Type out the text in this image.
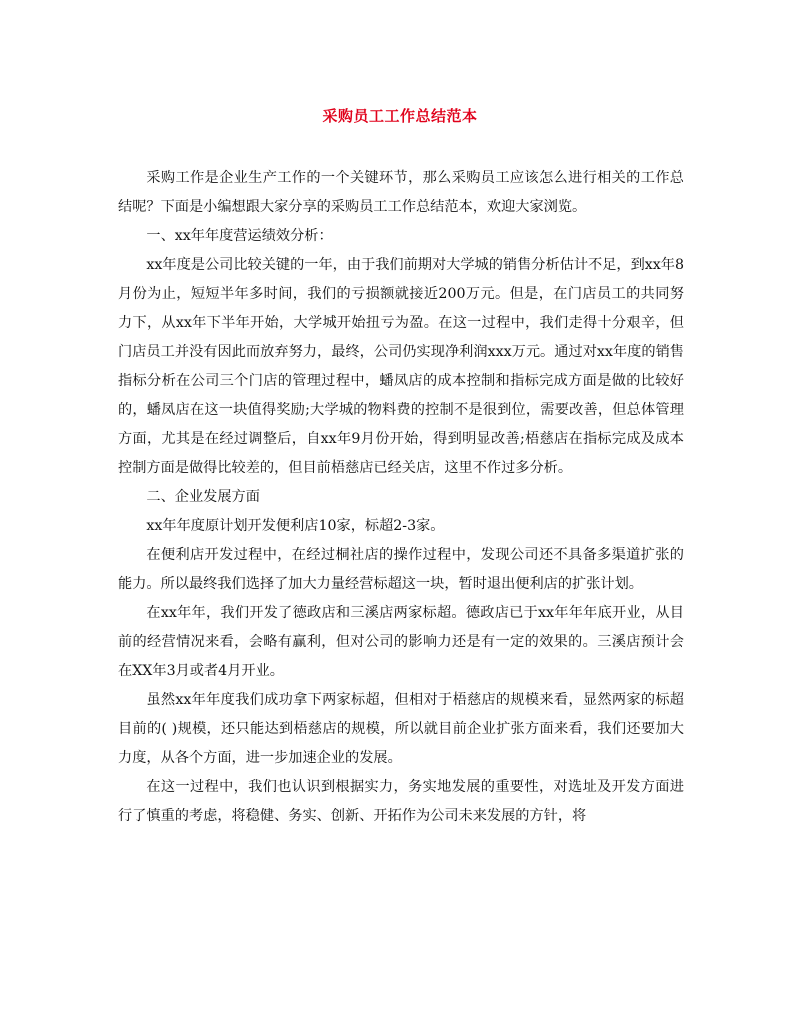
采购员工工作总结范本

采购工作是企业生产工作的一个关键环节，那么采购员工应该怎么进行相关的工作总结呢？下面是小编想跟大家分享的采购员工工作总结范本，欢迎大家浏览。

一、xx年年度营运绩效分析：

xx年度是公司比较关键的一年，由于我们前期对大学城的销售分析估计不足，到xx年8月份为止，短短半年多时间，我们的亏损额就接近200万元。但是，在门店员工的共同努力下，从xx年下半年开始，大学城开始扭亏为盈。在这一过程中，我们走得十分艰辛，但门店员工并没有因此而放弃努力，最终，公司仍实现净利润xxx万元。通过对xx年度的销售指标分析在公司三个门店的管理过程中，蟠凤店的成本控制和指标完成方面是做的比较好的，蟠凤店在这一块值得奖励;大学城的物料费的控制不是很到位，需要改善，但总体管理方面，尤其是在经过调整后，自xx年9月份开始，得到明显改善;梧慈店在指标完成及成本控制方面是做得比较差的，但目前梧慈店已经关店，这里不作过多分析。

二、企业发展方面

xx年年度原计划开发便利店10家，标超2-3家。

在便利店开发过程中，在经过桐社店的操作过程中，发现公司还不具备多渠道扩张的能力。所以最终我们选择了加大力量经营标超这一块，暂时退出便利店的扩张计划。

在xx年年，我们开发了德政店和三溪店两家标超。德政店已于xx年年年底开业，从目前的经营情况来看，会略有赢利，但对公司的影响力还是有一定的效果的。三溪店预计会在XX年3月或者4月开业。

虽然xx年年度我们成功拿下两家标超，但相对于梧慈店的规模来看，显然两家的标超目前的( )规模，还只能达到梧慈店的规模，所以就目前企业扩张方面来看，我们还要加大力度，从各个方面，进一步加速企业的发展。

在这一过程中，我们也认识到根据实力，务实地发展的重要性，对选址及开发方面进行了慎重的考虑，将稳健、务实、创新、开拓作为公司未来发展的方针，将
